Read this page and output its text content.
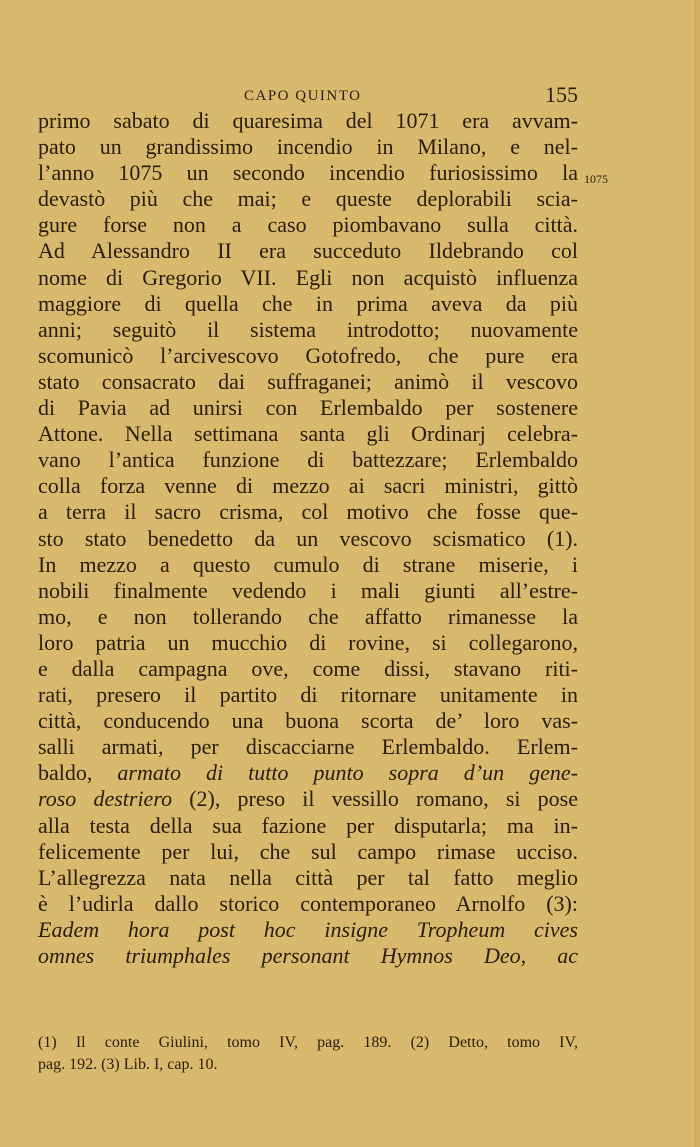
CAPO QUINTO	155
1075
primo sabato di quaresima del 1071 era avvam-
pato un grandissimo incendio in Milano, e nel-
l’anno 1075 un secondo incendio furiosissimo la
devastò più che mai; e queste deplorabili scia-
gure forse non a caso piombavano sulla città.
Ad Alessandro II era succeduto Ildebrando col
nome di Gregorio VII. Egli non acquistò influenza
maggiore di quella che in prima aveva da più
anni; seguitò il sistema introdotto; nuovamente
scomunicò l’arcivescovo Gotofredo, che pure era
stato consacrato dai suffraganei; animò il vescovo
di Pavia ad unirsi con Erlembaldo per sostenere
Attone. Nella settimana santa gli Ordinarj celebra-
vano l’antica funzione di battezzare; Erlembaldo
colla forza venne di mezzo ai sacri ministri, gittò
a terra il sacro crisma, col motivo che fosse que-
sto stato benedetto da un vescovo scismatico (1).
In mezzo a questo cumulo di strane miserie, i
nobili finalmente vedendo i mali giunti all’estre-
mo, e non tollerando che affatto rimanesse la
loro patria un mucchio di rovine, si collegarono,
e dalla campagna ove, come dissi, stavano riti-
rati, presero il partito di ritornare unitamente in
città, conducendo una buona scorta de’ loro vas-
salli armati, per discacciarne Erlembaldo. Erlem-
baldo, armato di tutto punto sopra d’un gene-
roso destriero (2), preso il vessillo romano, si pose
alla testa della sua fazione per disputarla; ma in-
felicemente per lui, che sul campo rimase ucciso.
L’allegrezza nata nella città per tal fatto meglio
è l’udirla dallo storico contemporaneo Arnolfo (3):
Eadem hora post hoc insigne Tropheum cives
omnes triumphales personant Hymnos Deo, ac
(1) Il conte Giulini, tomo IV, pag. 189. (2) Detto, tomo IV,
pag. 192. (3) Lib. I, cap. 10.
